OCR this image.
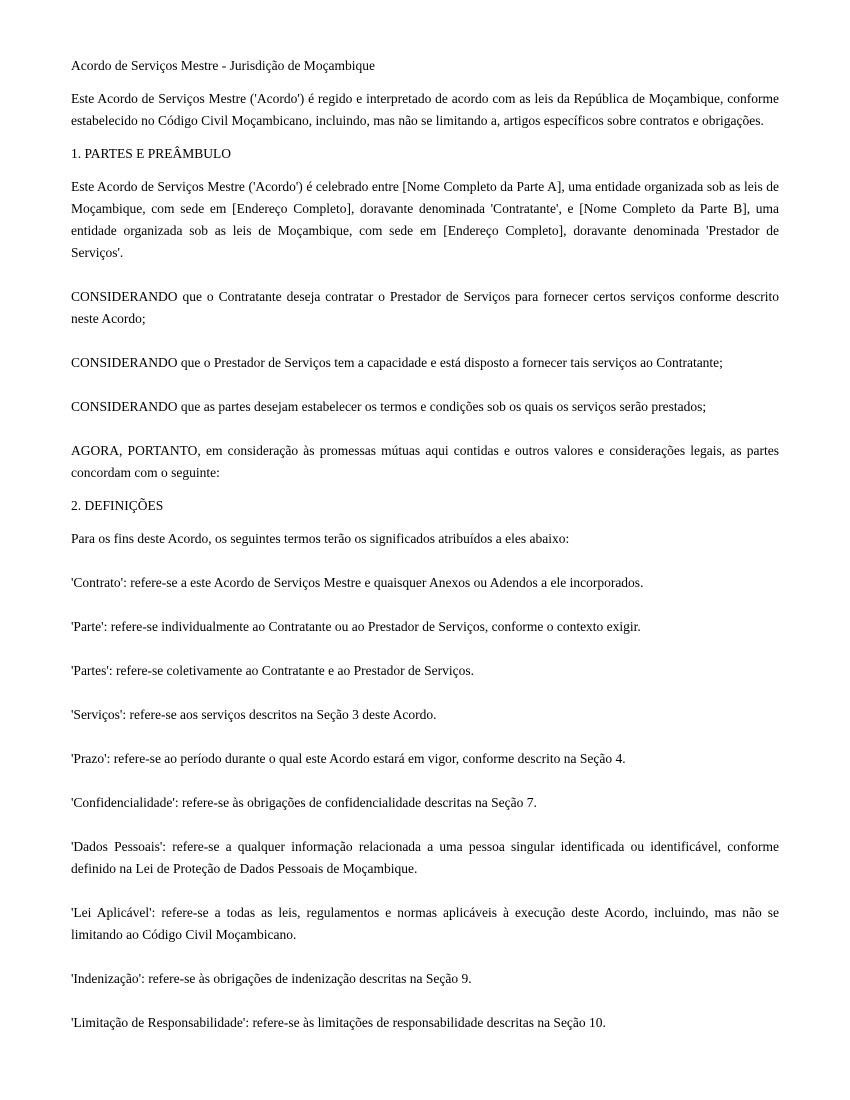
Acordo de Serviços Mestre - Jurisdição de Moçambique

Este Acordo de Serviços Mestre ('Acordo') é regido e interpretado de acordo com as leis da República de Moçambique, conforme estabelecido no Código Civil Moçambicano, incluindo, mas não se limitando a, artigos específicos sobre contratos e obrigações.

1. PARTES E PREÂMBULO

Este Acordo de Serviços Mestre ('Acordo') é celebrado entre [Nome Completo da Parte A], uma entidade organizada sob as leis de Moçambique, com sede em [Endereço Completo], doravante denominada 'Contratante', e [Nome Completo da Parte B], uma entidade organizada sob as leis de Moçambique, com sede em [Endereço Completo], doravante denominada 'Prestador de Serviços'.

CONSIDERANDO que o Contratante deseja contratar o Prestador de Serviços para fornecer certos serviços conforme descrito neste Acordo;

CONSIDERANDO que o Prestador de Serviços tem a capacidade e está disposto a fornecer tais serviços ao Contratante;

CONSIDERANDO que as partes desejam estabelecer os termos e condições sob os quais os serviços serão prestados;

AGORA, PORTANTO, em consideração às promessas mútuas aqui contidas e outros valores e considerações legais, as partes concordam com o seguinte:

2. DEFINIÇÕES

Para os fins deste Acordo, os seguintes termos terão os significados atribuídos a eles abaixo:

'Contrato': refere-se a este Acordo de Serviços Mestre e quaisquer Anexos ou Adendos a ele incorporados.

'Parte': refere-se individualmente ao Contratante ou ao Prestador de Serviços, conforme o contexto exigir.

'Partes': refere-se coletivamente ao Contratante e ao Prestador de Serviços.

'Serviços': refere-se aos serviços descritos na Seção 3 deste Acordo.

'Prazo': refere-se ao período durante o qual este Acordo estará em vigor, conforme descrito na Seção 4.

'Confidencialidade': refere-se às obrigações de confidencialidade descritas na Seção 7.

'Dados Pessoais': refere-se a qualquer informação relacionada a uma pessoa singular identificada ou identificável, conforme definido na Lei de Proteção de Dados Pessoais de Moçambique.

'Lei Aplicável': refere-se a todas as leis, regulamentos e normas aplicáveis à execução deste Acordo, incluindo, mas não se limitando ao Código Civil Moçambicano.

'Indenização': refere-se às obrigações de indenização descritas na Seção 9.

'Limitação de Responsabilidade': refere-se às limitações de responsabilidade descritas na Seção 10.
